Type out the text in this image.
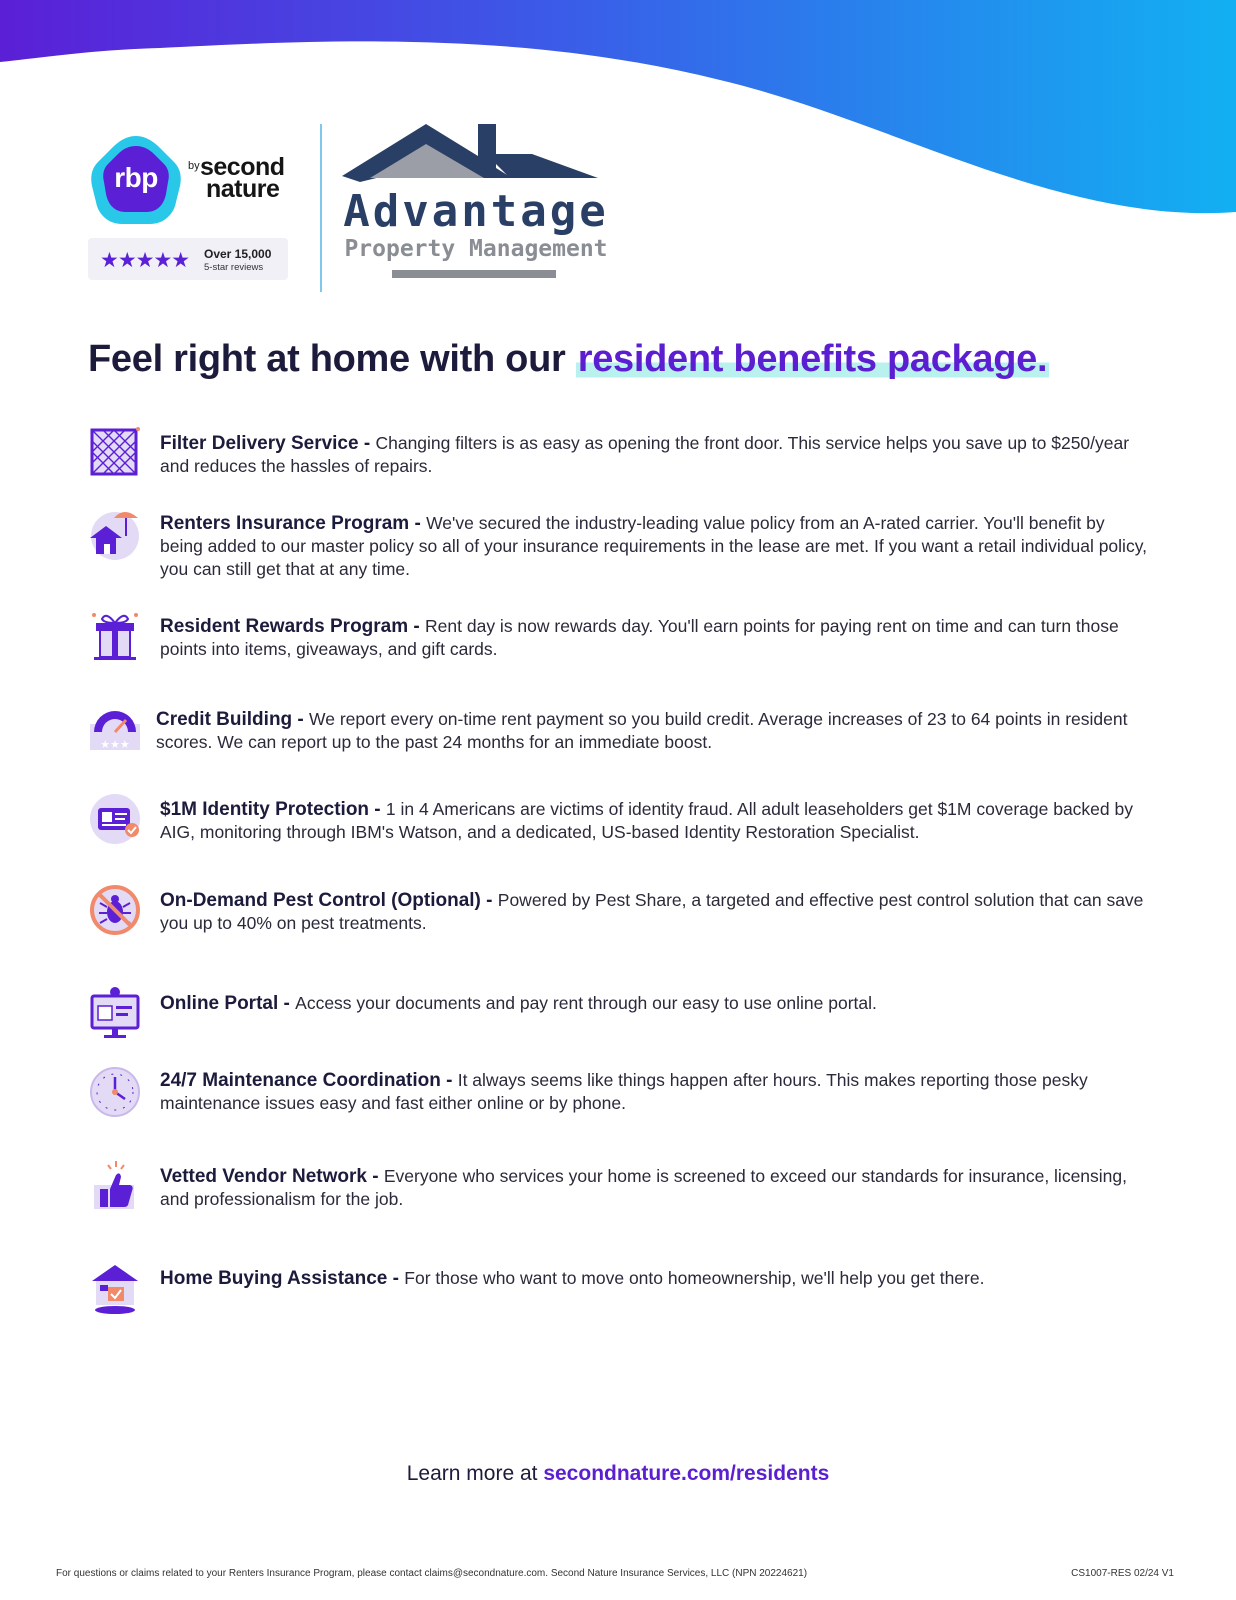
rbp	by second
nature
★★★★★ Over 15,000
5-star reviews
Advantage
Property Management
Feel right at home with our resident benefits package.
Filter Delivery Service - Changing filters is as easy as opening the front door. This service helps you save up to $250/year and reduces the hassles of repairs.
Renters Insurance Program - We've secured the industry-leading value policy from an A-rated carrier. You'll benefit by being added to our master policy so all of your insurance requirements in the lease are met. If you want a retail individual policy, you can still get that at any time.
Resident Rewards Program - Rent day is now rewards day. You'll earn points for paying rent on time and can turn those points into items, giveaways, and gift cards.
★★★
Credit Building - We report every on-time rent payment so you build credit. Average increases of 23 to 64 points in resident scores. We can report up to the past 24 months for an immediate boost.
$1M Identity Protection - 1 in 4 Americans are victims of identity fraud. All adult leaseholders get $1M coverage backed by AIG, monitoring through IBM's Watson, and a dedicated, US-based Identity Restoration Specialist.
On-Demand Pest Control (Optional) - Powered by Pest Share, a targeted and effective pest control solution that can save you up to 40% on pest treatments.
Online Portal - Access your documents and pay rent through our easy to use online portal.
24/7 Maintenance Coordination - It always seems like things happen after hours. This makes reporting those pesky maintenance issues easy and fast either online or by phone.
Vetted Vendor Network - Everyone who services your home is screened to exceed our standards for insurance, licensing, and professionalism for the job.
Home Buying Assistance - For those who want to move onto homeownership, we'll help you get there.
Learn more at secondnature.com/residents
For questions or claims related to your Renters Insurance Program, please contact claims@secondnature.com. Second Nature Insurance Services, LLC (NPN 20224621)	CS1007-RES 02/24 V1
